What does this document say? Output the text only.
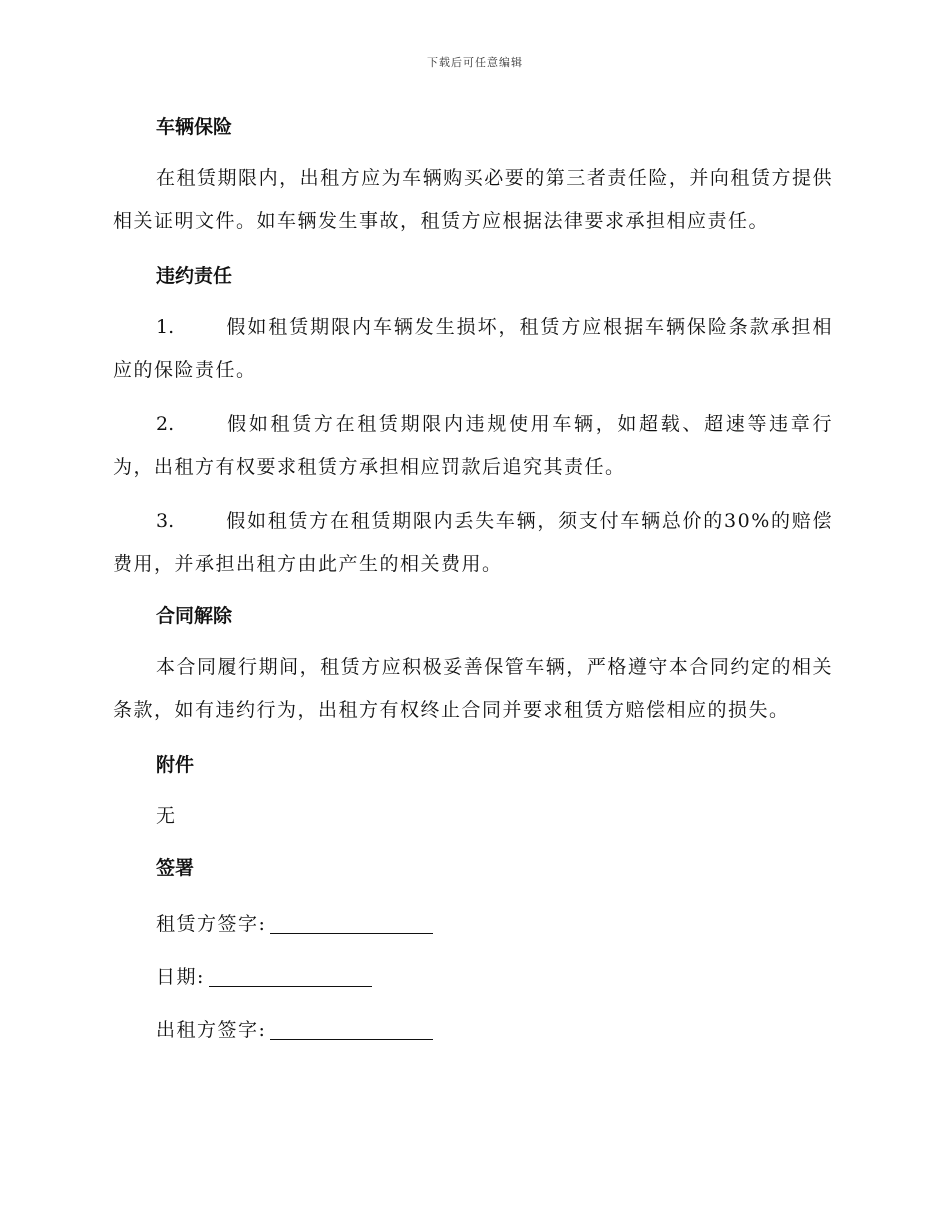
下载后可任意编辑
车辆保险

在租赁期限内，出租方应为车辆购买必要的第三者责任险，并向租赁方提供相关证明文件。如车辆发生事故，租赁方应根据法律要求承担相应责任。

违约责任

1.	假如租赁期限内车辆发生损坏，租赁方应根据车辆保险条款承担相应的保险责任。

2.	假如租赁方在租赁期限内违规使用车辆，如超载、超速等违章行为，出租方有权要求租赁方承担相应罚款后追究其责任。

3.	假如租赁方在租赁期限内丢失车辆，须支付车辆总价的30%的赔偿费用，并承担出租方由此产生的相关费用。

合同解除

本合同履行期间，租赁方应积极妥善保管车辆，严格遵守本合同约定的相关条款，如有违约行为，出租方有权终止合同并要求租赁方赔偿相应的损失。

附件

无

签署
租赁方签字:
日期:
出租方签字:
